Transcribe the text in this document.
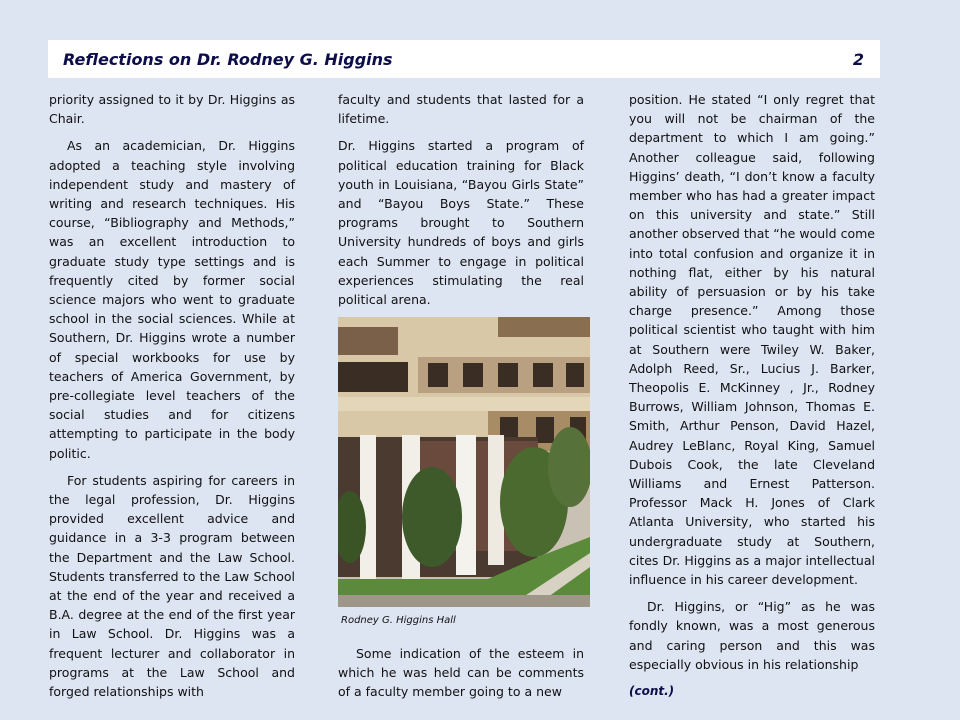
Reflections on Dr. Rodney G. Higgins	2

priority assigned to it by Dr. Higgins as Chair.

As an academician, Dr. Higgins adopted a teaching style involving independent study and mastery of writing and research techniques. His course, “Bibliography and Methods,” was an excellent introduction to graduate study type settings and is frequently cited by former social science majors who went to graduate school in the social sciences. While at Southern, Dr. Higgins wrote a number of special workbooks for use by teachers of America Government, by pre-collegiate level teachers of the social studies and for citizens attempting to participate in the body politic.

For students aspiring for careers in the legal profession, Dr. Higgins provided excellent advice and guidance in a 3-3 program between the Department and the Law School. Students transferred to the Law School at the end of the year and received a B.A. degree at the end of the first year in Law School. Dr. Higgins was a frequent lecturer and collaborator in programs at the Law School and forged relationships with

faculty and students that lasted for a lifetime.

Dr. Higgins started a program of political education training for Black youth in Louisiana, “Bayou Girls State” and “Bayou Boys State.” These programs brought to Southern University hundreds of boys and girls each Summer to engage in political experiences stimulating the real political arena.

Rodney G. Higgins Hall

Some indication of the esteem in which he was held can be comments of a faculty member going to a new

position. He stated “I only regret that you will not be chairman of the department to which I am going.” Another colleague said, following Higgins’ death, “I don’t know a faculty member who has had a greater impact on this university and state.” Still another observed that “he would come into total confusion and organize it in nothing flat, either by his natural ability of persuasion or by his take charge presence.” Among those political scientist who taught with him at Southern were Twiley W. Baker, Adolph Reed, Sr., Lucius J. Barker, Theopolis E. McKinney , Jr., Rodney Burrows, William Johnson, Thomas E. Smith, Arthur Penson, David Hazel, Audrey LeBlanc, Royal King, Samuel Dubois Cook, the late Cleveland Williams and Ernest Patterson. Professor Mack H. Jones of Clark Atlanta University, who started his undergraduate study at Southern, cites Dr. Higgins as a major intellectual influence in his career development.

Dr. Higgins, or “Hig” as he was fondly known, was a most generous and caring person and this was especially obvious in his relationship

(cont.)
